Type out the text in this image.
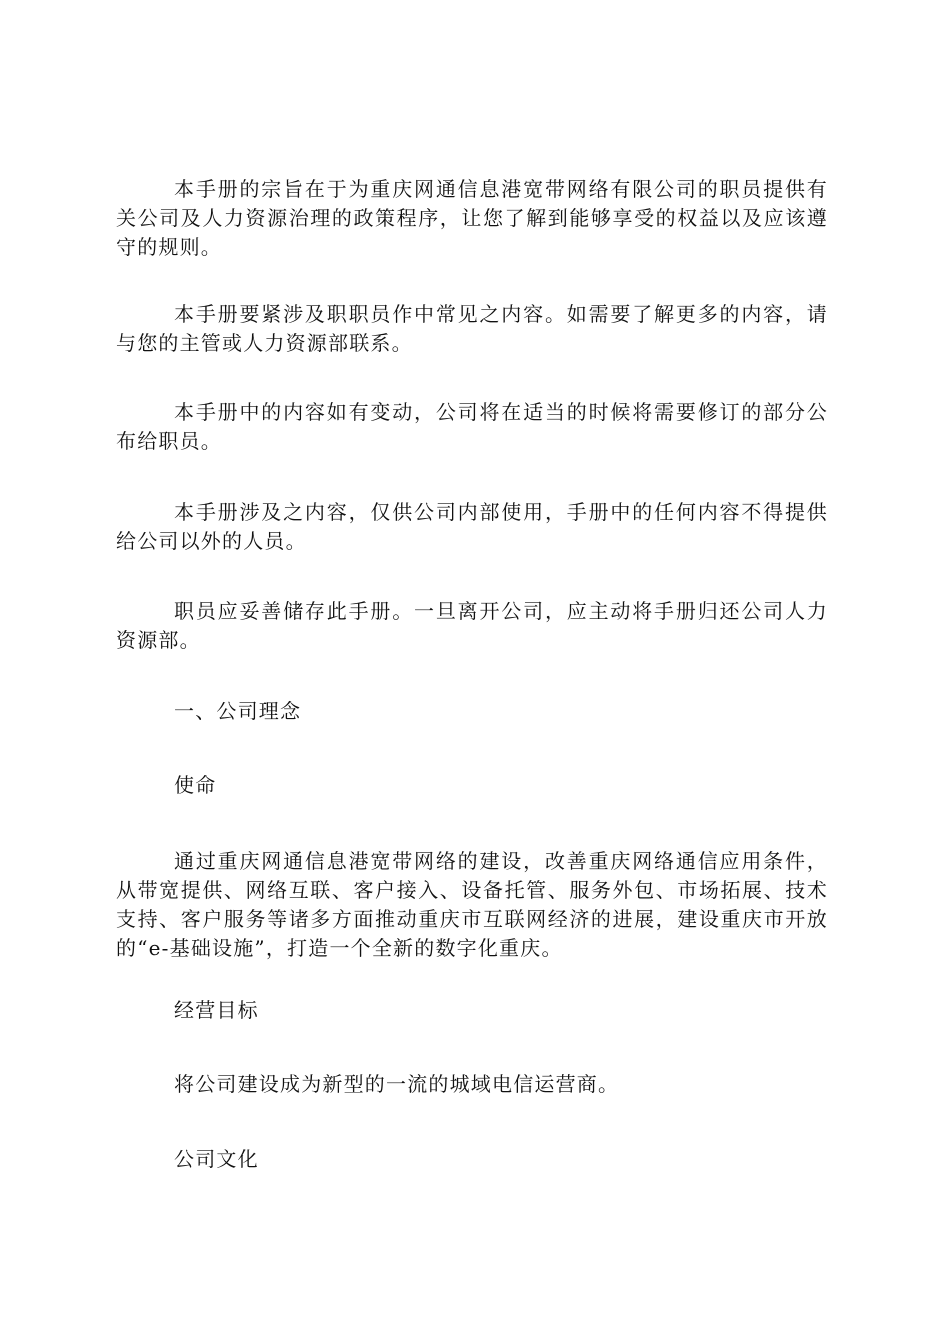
本手册的宗旨在于为重庆网通信息港宽带网络有限公司的职员提供有关公司及人力资源治理的政策程序，让您了解到能够享受的权益以及应该遵守的规则。

本手册要紧涉及职职员作中常见之内容。如需要了解更多的内容，请与您的主管或人力资源部联系。

本手册中的内容如有变动，公司将在适当的时候将需要修订的部分公布给职员。

本手册涉及之内容，仅供公司内部使用，手册中的任何内容不得提供给公司以外的人员。

职员应妥善储存此手册。一旦离开公司，应主动将手册归还公司人力资源部。

一、公司理念

使命

通过重庆网通信息港宽带网络的建设，改善重庆网络通信应用条件，从带宽提供、网络互联、客户接入、设备托管、服务外包、市场拓展、技术支持、客户服务等诸多方面推动重庆市互联网经济的进展，建设重庆市开放的“e-基础设施”，打造一个全新的数字化重庆。

经营目标

将公司建设成为新型的一流的城域电信运营商。

公司文化
